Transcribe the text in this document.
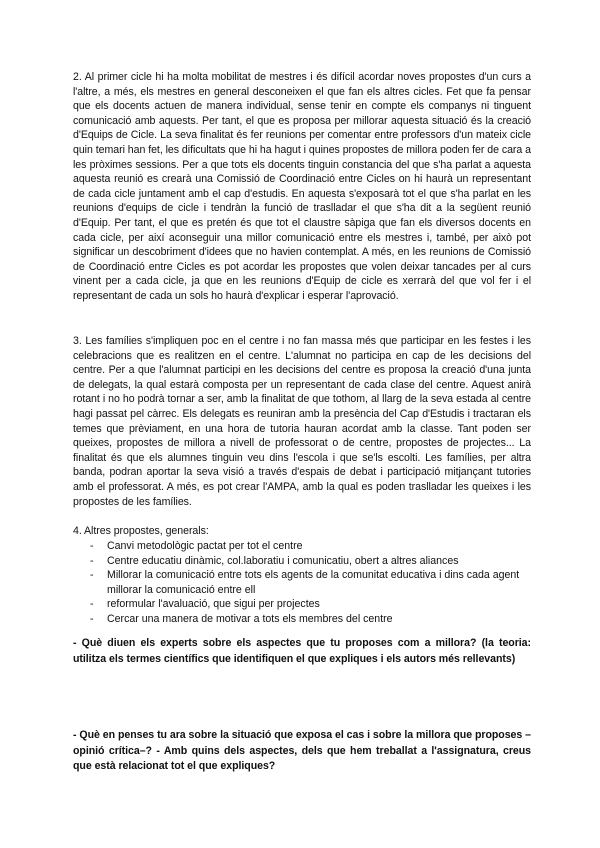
2. Al primer cicle hi ha molta mobilitat de mestres i és difícil acordar noves propostes d'un curs a l'altre, a més, els mestres en general desconeixen el que fan els altres cicles. Fet que fa pensar que els docents actuen de manera individual, sense tenir en compte els companys ni tinguent comunicació amb aquests. Per tant, el que es proposa per millorar aquesta situació és la creació d'Equips de Cicle. La seva finalitat és fer reunions per comentar entre professors d'un mateix cicle quin temari han fet, les dificultats que hi ha hagut i quines propostes de millora poden fer de cara a les pròximes sessions. Per a que tots els docents tinguin constancia del que s'ha parlat a aquesta aquesta reunió es crearà una Comissió de Coordinació entre Cicles on hi haurà un representant de cada cicle juntament amb el cap d'estudis. En aquesta s'exposarà tot el que s'ha parlat en les reunions d'equips de cicle i tendràn la funció de traslladar el que s'ha dit a la següent reunió d'Equip. Per tant, el que es pretén és que tot el claustre sàpiga que fan els diversos docents en cada cicle, per així aconseguir una millor comunicació entre els mestres i, també, per això pot significar un descobriment d'idees que no havien contemplat. A més, en les reunions de Comissió de Coordinació entre Cicles es pot acordar les propostes que volen deixar tancades per al curs vinent per a cada cicle, ja que en les reunions d'Equip de cicle es xerrarà del que vol fer i el representant de cada un sols ho haurà d'explicar i esperar l'aprovació.

3. Les famílies s'impliquen poc en el centre i no fan massa més que participar en les festes i les celebracions que es realitzen en el centre. L'alumnat no participa en cap de les decisions del centre. Per a que l'alumnat participi en les decisions del centre es proposa la creació d'una junta de delegats, la qual estarà composta per un representant de cada clase del centre. Aquest anirà rotant i no ho podrà tornar a ser, amb la finalitat de que tothom, al llarg de la seva estada al centre hagi passat pel càrrec. Els delegats es reuniran amb la presència del Cap d'Estudis i tractaran els temes que prèviament, en una hora de tutoria hauran acordat amb la classe. Tant poden ser queixes, propostes de millora a nivell de professorat o de centre, propostes de projectes... La finalitat és que els alumnes tinguin veu dins l'escola i que se'ls escolti. Les famílies, per altra banda, podran aportar la seva visió a través d'espais de debat i participació mitjançant tutories amb el professorat. A més, es pot crear l'AMPA, amb la qual es poden traslladar les queixes i les propostes de les famílies.

4. Altres propostes, generals:

- Canvi metodològic pactat per tot el centre
- Centre educatiu dinàmic, col.laboratiu i comunicatiu, obert a altres aliances
- Millorar la comunicació entre tots els agents de la comunitat educativa i dins cada agent millorar la comunicació entre ell
- reformular l'avaluació, que sigui per projectes
- Cercar una manera de motivar a tots els membres del centre

- Què diuen els experts sobre els aspectes que tu proposes com a millora? (la teoria: utilitza els termes científics que identifiquen el que expliques i els autors més rellevants)

- Què en penses tu ara sobre la situació que exposa el cas i sobre la millora que proposes –opinió crítica–? - Amb quins dels aspectes, dels que hem treballat a l'assignatura, creus que està relacionat tot el que expliques?
